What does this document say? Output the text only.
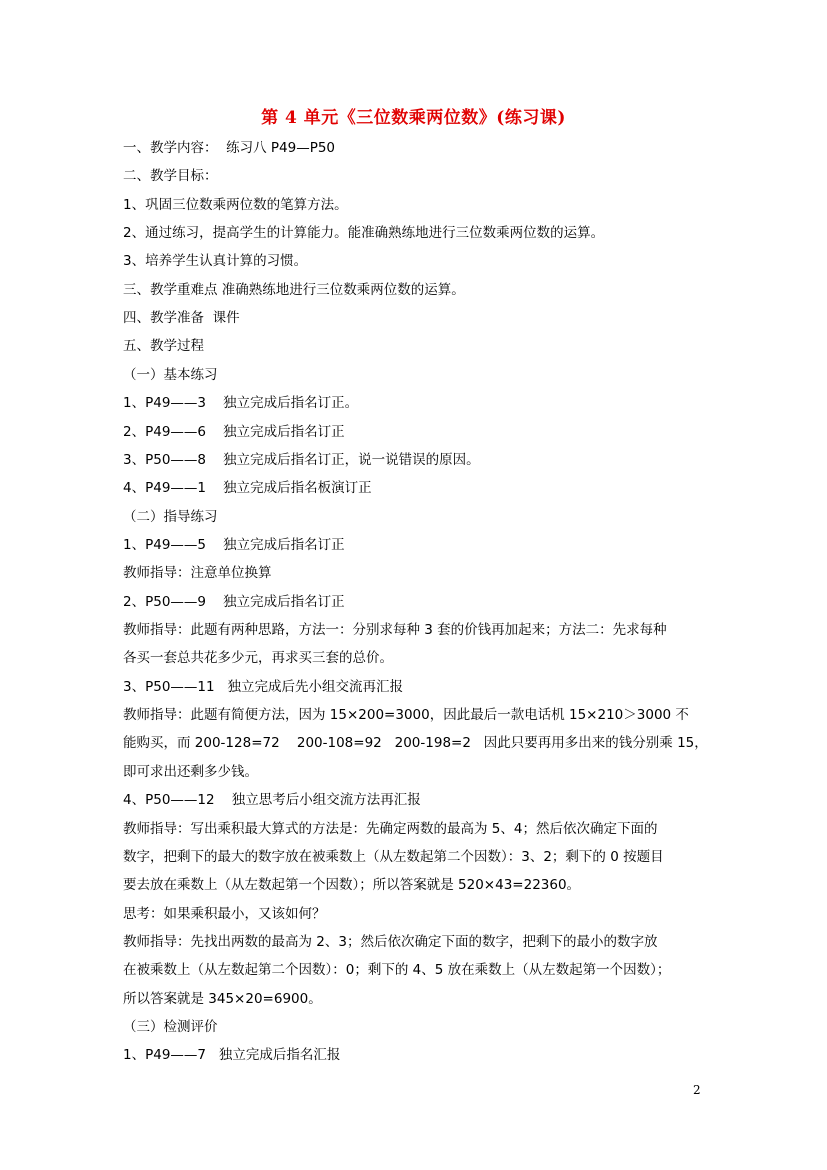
第 4 单元《三位数乘两位数》(练习课)
一、教学内容：  练习八 P49—P50
二、教学目标：
1、巩固三位数乘两位数的笔算方法。
2、通过练习，提高学生的计算能力。能准确熟练地进行三位数乘两位数的运算。
3、培养学生认真计算的习惯。
三、教学重难点 准确熟练地进行三位数乘两位数的运算。
四、教学准备  课件
五、教学过程
（一）基本练习
1、P49——3    独立完成后指名订正。
2、P49——6    独立完成后指名订正
3、P50——8    独立完成后指名订正，说一说错误的原因。
4、P49——1    独立完成后指名板演订正
（二）指导练习
1、P49——5    独立完成后指名订正
教师指导：注意单位换算
2、P50——9    独立完成后指名订正
教师指导：此题有两种思路，方法一：分别求每种 3 套的价钱再加起来；方法二：先求每种
各买一套总共花多少元，再求买三套的总价。
3、P50——11   独立完成后先小组交流再汇报
教师指导：此题有简便方法，因为 15×200=3000，因此最后一款电话机 15×210＞3000 不
能购买，而 200-128=72    200-108=92   200-198=2   因此只要再用多出来的钱分别乘 15，
即可求出还剩多少钱。
4、P50——12    独立思考后小组交流方法再汇报
教师指导：写出乘积最大算式的方法是：先确定两数的最高为 5、4；然后依次确定下面的
数字，把剩下的最大的数字放在被乘数上（从左数起第二个因数）：3、2；剩下的 0 按题目
要去放在乘数上（从左数起第一个因数）；所以答案就是 520×43=22360。
思考：如果乘积最小，又该如何？
教师指导：先找出两数的最高为 2、3；然后依次确定下面的数字，把剩下的最小的数字放
在被乘数上（从左数起第二个因数）：0；剩下的 4、5 放在乘数上（从左数起第一个因数）；
所以答案就是 345×20=6900。
（三）检测评价
1、P49——7   独立完成后指名汇报
2
